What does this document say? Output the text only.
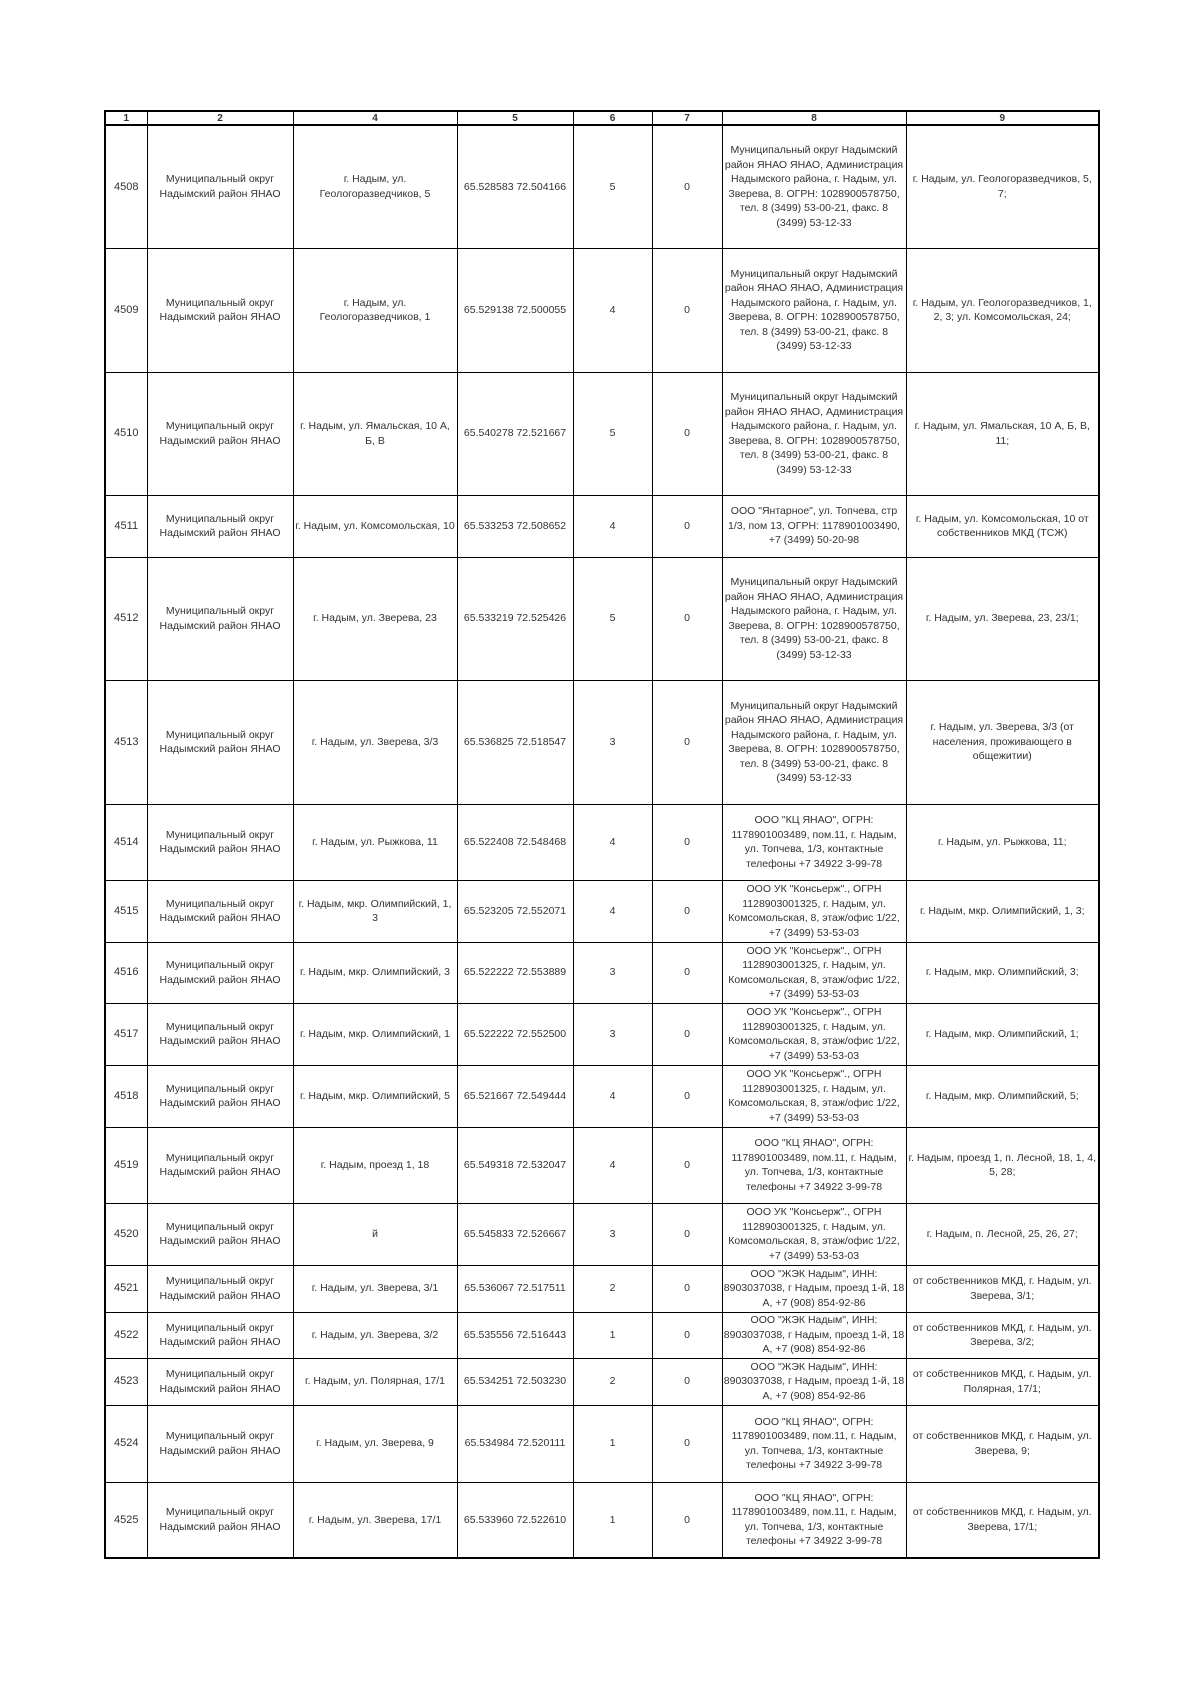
1	2	4	5	6	7	8	9
4508	Муниципальный округ Надымский район ЯНАО	г. Надым, ул. Геологоразведчиков, 5	65.528583 72.504166	5	0	Муниципальный округ Надымский район ЯНАО ЯНАО, Администрация Надымского района, г. Надым, ул. Зверева, 8. ОГРН: 1028900578750, тел. 8 (3499) 53-00-21, факс. 8 (3499) 53-12-33	г. Надым, ул. Геологоразведчиков, 5, 7;
4509	Муниципальный округ Надымский район ЯНАО	г. Надым, ул. Геологоразведчиков, 1	65.529138 72.500055	4	0	Муниципальный округ Надымский район ЯНАО ЯНАО, Администрация Надымского района, г. Надым, ул. Зверева, 8. ОГРН: 1028900578750, тел. 8 (3499) 53-00-21, факс. 8 (3499) 53-12-33	г. Надым, ул. Геологоразведчиков, 1, 2, 3; ул. Комсомольская, 24;
4510	Муниципальный округ Надымский район ЯНАО	г. Надым, ул. Ямальская, 10 А, Б, В	65.540278 72.521667	5	0	Муниципальный округ Надымский район ЯНАО ЯНАО, Администрация Надымского района, г. Надым, ул. Зверева, 8. ОГРН: 1028900578750, тел. 8 (3499) 53-00-21, факс. 8 (3499) 53-12-33	г. Надым, ул. Ямальская, 10 А, Б, В, 11;
4511	Муниципальный округ Надымский район ЯНАО	г. Надым, ул. Комсомольская, 10	65.533253 72.508652	4	0	ООО "Янтарное", ул. Топчева, стр 1/3, пом 13, ОГРН: 1178901003490, +7 (3499) 50-20-98	г. Надым, ул. Комсомольская, 10 от собственников МКД (ТСЖ)
4512	Муниципальный округ Надымский район ЯНАО	г. Надым, ул. Зверева, 23	65.533219 72.525426	5	0	Муниципальный округ Надымский район ЯНАО ЯНАО, Администрация Надымского района, г. Надым, ул. Зверева, 8. ОГРН: 1028900578750, тел. 8 (3499) 53-00-21, факс. 8 (3499) 53-12-33	г. Надым, ул. Зверева, 23, 23/1;
4513	Муниципальный округ Надымский район ЯНАО	г. Надым, ул. Зверева, 3/3	65.536825 72.518547	3	0	Муниципальный округ Надымский район ЯНАО ЯНАО, Администрация Надымского района, г. Надым, ул. Зверева, 8. ОГРН: 1028900578750, тел. 8 (3499) 53-00-21, факс. 8 (3499) 53-12-33	г. Надым, ул. Зверева, 3/3 (от населения, проживающего в общежитии)
4514	Муниципальный округ Надымский район ЯНАО	г. Надым, ул. Рыжкова, 11	65.522408 72.548468	4	0	ООО "КЦ ЯНАО", ОГРН: 1178901003489, пом.11, г. Надым, ул. Топчева, 1/3, контактные телефоны +7 34922 3-99-78	г. Надым, ул. Рыжкова, 11;
4515	Муниципальный округ Надымский район ЯНАО	г. Надым, мкр. Олимпийский, 1, 3	65.523205 72.552071	4	0	ООО УК "Консьерж"., ОГРН 1128903001325, г. Надым, ул. Комсомольская, 8, этаж/офис 1/22, +7 (3499) 53-53-03	г. Надым, мкр. Олимпийский, 1, 3;
4516	Муниципальный округ Надымский район ЯНАО	г. Надым, мкр. Олимпийский, 3	65.522222 72.553889	3	0	ООО УК "Консьерж"., ОГРН 1128903001325, г. Надым, ул. Комсомольская, 8, этаж/офис 1/22, +7 (3499) 53-53-03	г. Надым, мкр. Олимпийский, 3;
4517	Муниципальный округ Надымский район ЯНАО	г. Надым, мкр. Олимпийский, 1	65.522222 72.552500	3	0	ООО УК "Консьерж"., ОГРН 1128903001325, г. Надым, ул. Комсомольская, 8, этаж/офис 1/22, +7 (3499) 53-53-03	г. Надым, мкр. Олимпийский, 1;
4518	Муниципальный округ Надымский район ЯНАО	г. Надым, мкр. Олимпийский, 5	65.521667 72.549444	4	0	ООО УК "Консьерж"., ОГРН 1128903001325, г. Надым, ул. Комсомольская, 8, этаж/офис 1/22, +7 (3499) 53-53-03	г. Надым, мкр. Олимпийский, 5;
4519	Муниципальный округ Надымский район ЯНАО	г. Надым, проезд 1, 18	65.549318 72.532047	4	0	ООО "КЦ ЯНАО", ОГРН: 1178901003489, пом.11, г. Надым, ул. Топчева, 1/3, контактные телефоны +7 34922 3-99-78	г. Надым, проезд 1, п. Лесной, 18, 1, 4, 5, 28;
4520	Муниципальный округ Надымский район ЯНАО	й	65.545833 72.526667	3	0	ООО УК "Консьерж"., ОГРН 1128903001325, г. Надым, ул. Комсомольская, 8, этаж/офис 1/22, +7 (3499) 53-53-03	г. Надым, п. Лесной, 25, 26, 27;
4521	Муниципальный округ Надымский район ЯНАО	г. Надым, ул. Зверева, 3/1	65.536067 72.517511	2	0	ООО "ЖЭК Надым", ИНН: 8903037038, г Надым, проезд 1-й, 18 А, +7 (908) 854-92-86	от собственников МКД, г. Надым, ул. Зверева, 3/1;
4522	Муниципальный округ Надымский район ЯНАО	г. Надым, ул. Зверева, 3/2	65.535556 72.516443	1	0	ООО "ЖЭК Надым", ИНН: 8903037038, г Надым, проезд 1-й, 18 А, +7 (908) 854-92-86	от собственников МКД, г. Надым, ул. Зверева, 3/2;
4523	Муниципальный округ Надымский район ЯНАО	г. Надым, ул. Полярная, 17/1	65.534251 72.503230	2	0	ООО "ЖЭК Надым", ИНН: 8903037038, г Надым, проезд 1-й, 18 А, +7 (908) 854-92-86	от собственников МКД, г. Надым, ул. Полярная, 17/1;
4524	Муниципальный округ Надымский район ЯНАО	г. Надым, ул. Зверева, 9	65.534984 72.520111	1	0	ООО "КЦ ЯНАО", ОГРН: 1178901003489, пом.11, г. Надым, ул. Топчева, 1/3, контактные телефоны +7 34922 3-99-78	от собственников МКД, г. Надым, ул. Зверева, 9;
4525	Муниципальный округ Надымский район ЯНАО	г. Надым, ул. Зверева, 17/1	65.533960 72.522610	1	0	ООО "КЦ ЯНАО", ОГРН: 1178901003489, пом.11, г. Надым, ул. Топчева, 1/3, контактные телефоны +7 34922 3-99-78	от собственников МКД, г. Надым, ул. Зверева, 17/1;
